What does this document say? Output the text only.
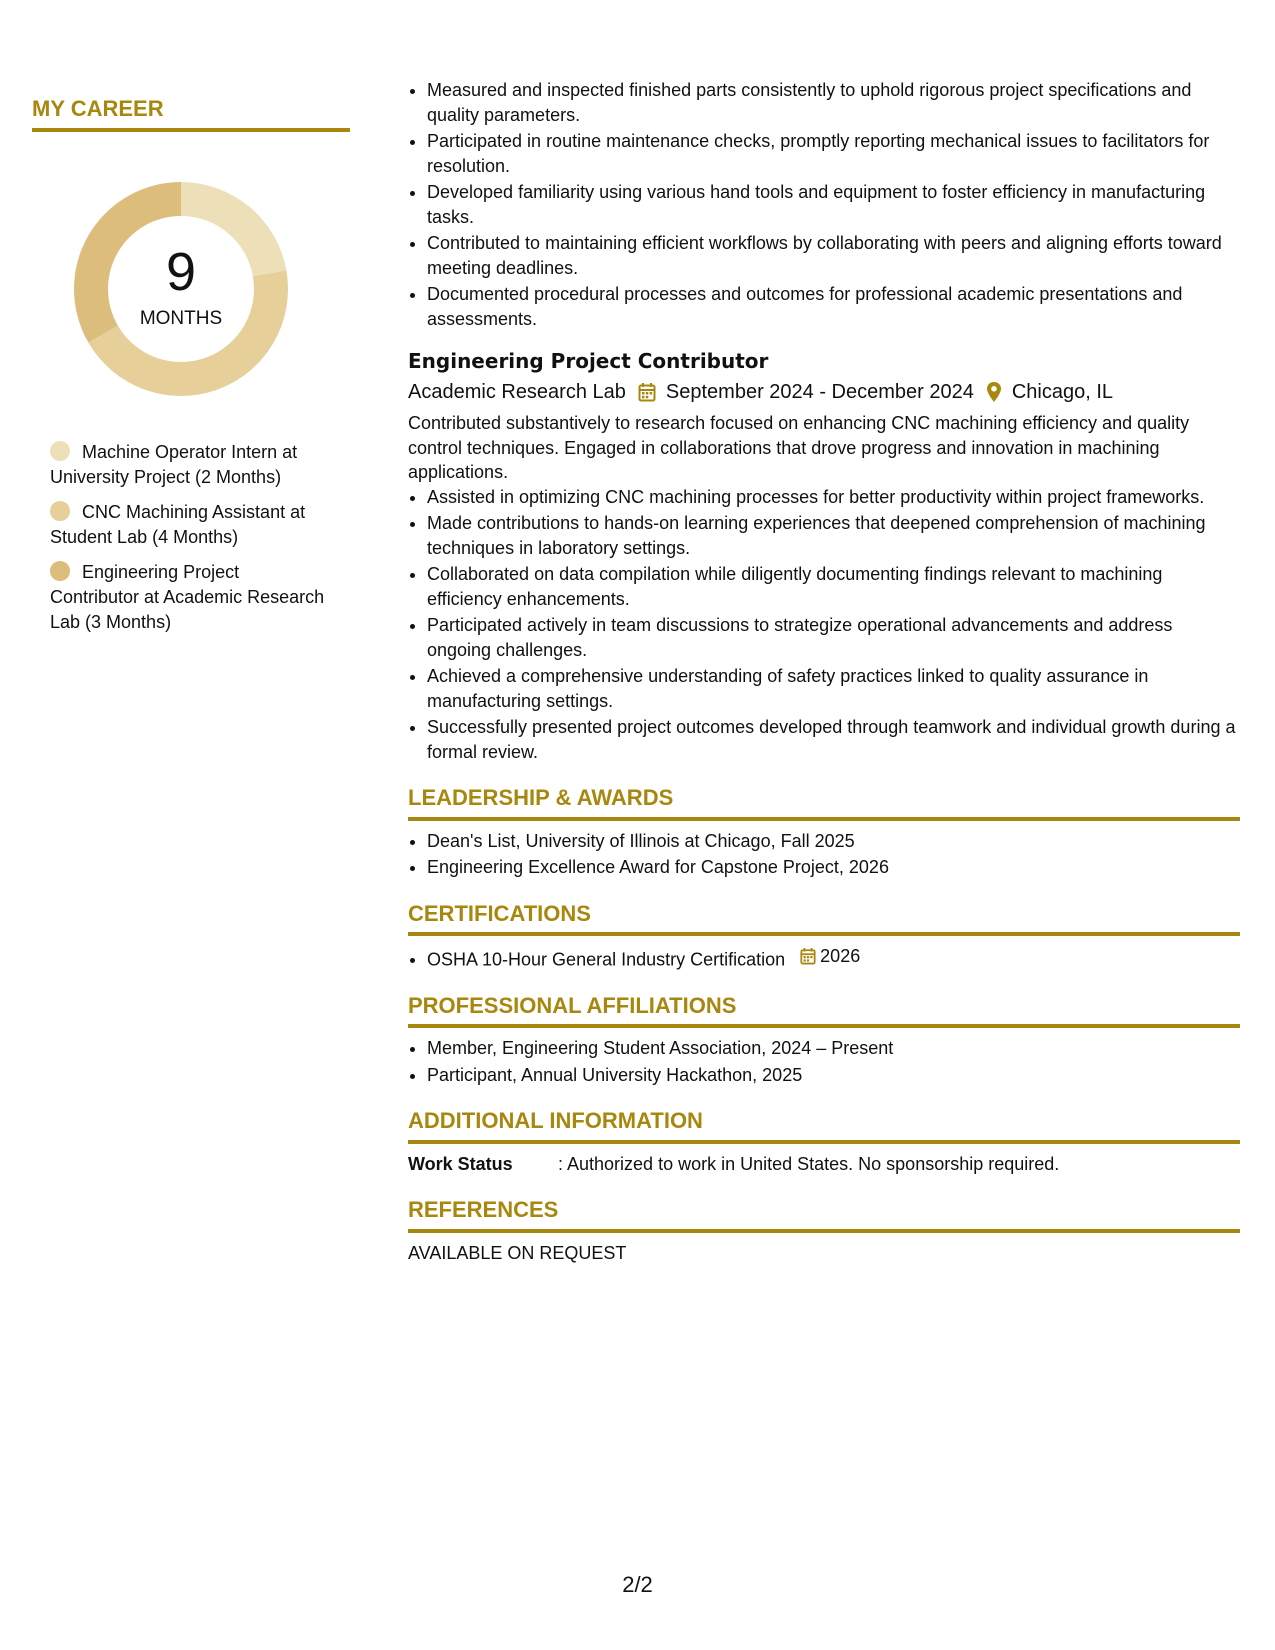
MY CAREER
9
MONTHS
Machine Operator Intern at University Project (2 Months)
CNC Machining Assistant at Student Lab (4 Months)
Engineering Project Contributor at Academic Research Lab (3 Months)
• Measured and inspected finished parts consistently to uphold rigorous project specifications and quality parameters.
• Participated in routine maintenance checks, promptly reporting mechanical issues to facilitators for resolution.
• Developed familiarity using various hand tools and equipment to foster efficiency in manufacturing tasks.
• Contributed to maintaining efficient workflows by collaborating with peers and aligning efforts toward meeting deadlines.
• Documented procedural processes and outcomes for professional academic presentations and assessments.
Engineering Project Contributor
Academic Research Lab September 2024 - December 2024 Chicago, IL
Contributed substantively to research focused on enhancing CNC machining efficiency and quality control techniques. Engaged in collaborations that drove progress and innovation in machining applications.
• Assisted in optimizing CNC machining processes for better productivity within project frameworks.
• Made contributions to hands-on learning experiences that deepened comprehension of machining techniques in laboratory settings.
• Collaborated on data compilation while diligently documenting findings relevant to machining efficiency enhancements.
• Participated actively in team discussions to strategize operational advancements and address ongoing challenges.
• Achieved a comprehensive understanding of safety practices linked to quality assurance in manufacturing settings.
• Successfully presented project outcomes developed through teamwork and individual growth during a formal review.
LEADERSHIP & AWARDS
• Dean's List, University of Illinois at Chicago, Fall 2025
• Engineering Excellence Award for Capstone Project, 2026
CERTIFICATIONS
• OSHA 10-Hour General Industry Certification 2026
PROFESSIONAL AFFILIATIONS
• Member, Engineering Student Association, 2024 – Present
• Participant, Annual University Hackathon, 2025
ADDITIONAL INFORMATION
Work Status	: Authorized to work in United States. No sponsorship required.
REFERENCES
AVAILABLE ON REQUEST
2/2
